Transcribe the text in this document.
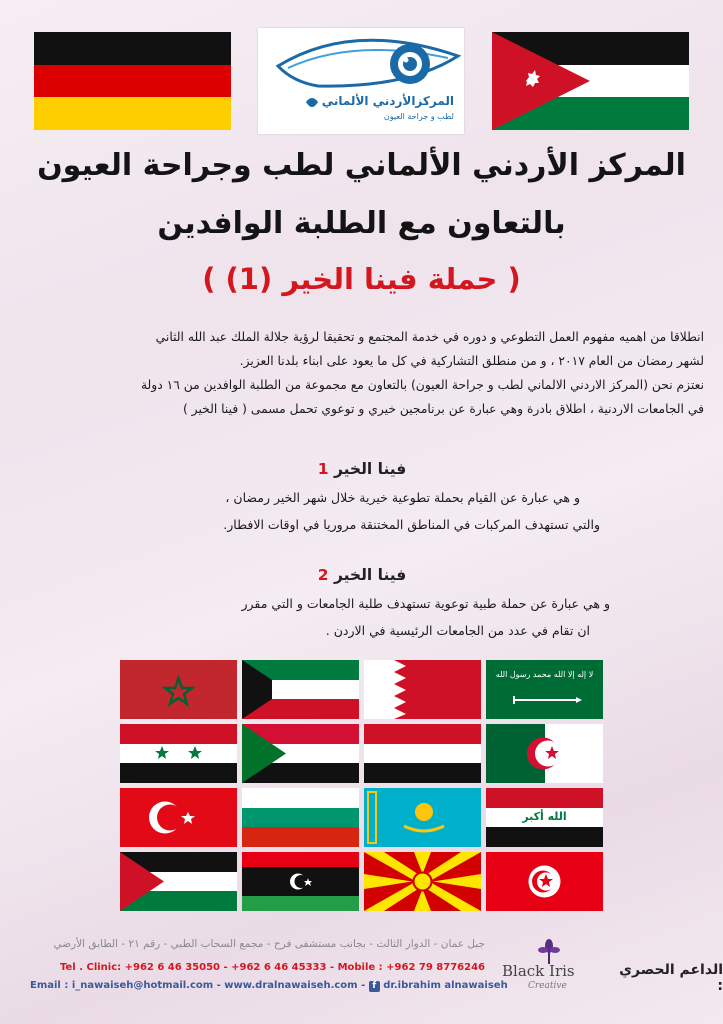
المركزالأردني الألماني
لطب و جراحة العيون
المركز الأردني الألماني لطب وجراحة العيون
بالتعاون مع الطلبة الوافدين
( حملة فينا الخير (1) )

انطلاقا من اهميه مفهوم العمل التطوعي و دوره في خدمة المجتمع و تحقيقا لرؤية جلالة الملك عبد الله الثاني

لشهر رمضان من العام ٢٠١٧ ، و من منطلق التشاركية في كل ما يعود على ابناء بلدنا العزيز.

نعتزم نحن (المركز الاردني الالماني لطب و جراحة العيون) بالتعاون مع مجموعة من الطلبة الوافدين من ١٦ دولة

في الجامعات الاردنية ، اطلاق بادرة وهي عبارة عن برنامجين خيري و توعوي تحمل مسمى ( فينا الخير )

فينا الخير 1
و هي عبارة عن القيام بحملة تطوعية خيرية خلال شهر الخير رمضان ،
والتي تستهدف المركبات في المناطق المختنقة مروريا في اوقات الافطار.
فينا الخير 2
و هي عبارة عن حملة طبية توعوية تستهدف طلبة الجامعات و التي مقرر
ان تقام في عدد من الجامعات الرئيسية في الاردن .
لا إله إلا الله محمد رسول الله
الله أكبر
جبل عمان - الدوار الثالث - بجانب مستشفى فرح - مجمع السحاب الطبي - رقم ٢١ - الطابق الأرضي
Tel . Clinic: +962 6 46 35050 - +962 6 46 45333 - Mobile : +962 79 8776246
Email : i_nawaiseh@hotmail.com - www.dralnawaiseh.com - f dr.ibrahim alnawaiseh
الداعم الحصري :
Black Iris
Creative
